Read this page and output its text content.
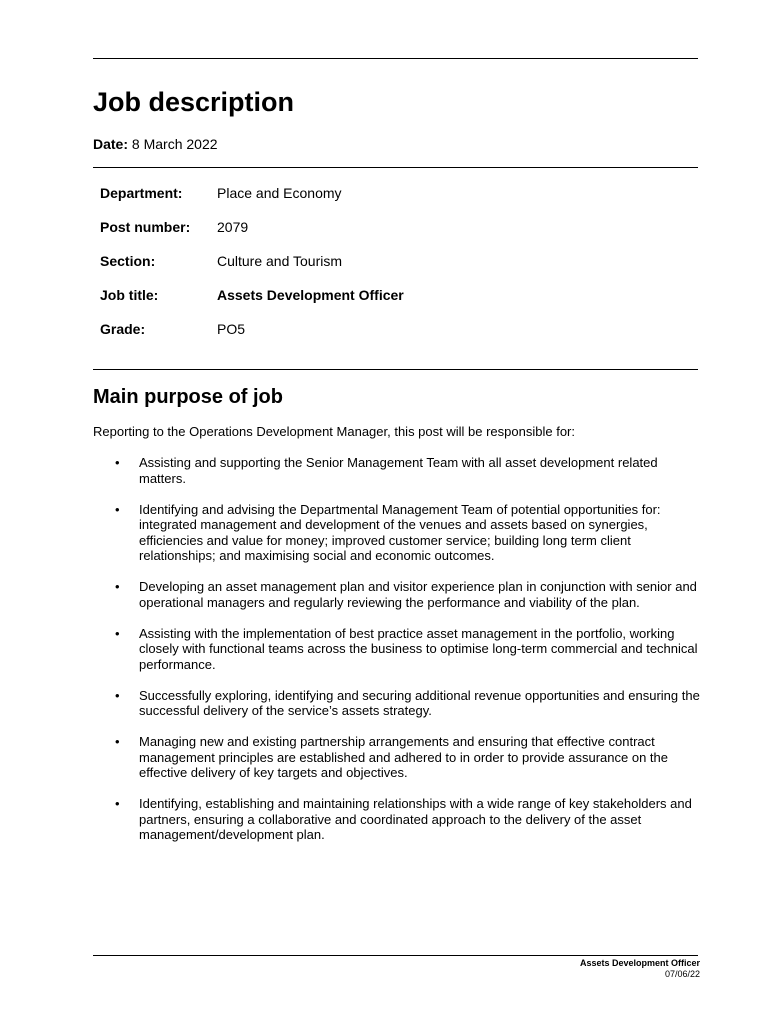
Job description
Date: 8 March 2022
Department:	Place and Economy
Post number:	2079
Section:	Culture and Tourism
Job title:	Assets Development Officer
Grade:	PO5
Main purpose of job
Reporting to the Operations Development Manager, this post will be responsible for:
• Assisting and supporting the Senior Management Team with all asset development related matters.
• Identifying and advising the Departmental Management Team of potential opportunities for: integrated management and development of the venues and assets based on synergies, efficiencies and value for money; improved customer service; building long term client relationships; and maximising social and economic outcomes.
• Developing an asset management plan and visitor experience plan in conjunction with senior and operational managers and regularly reviewing the performance and viability of the plan.
• Assisting with the implementation of best practice asset management in the portfolio, working closely with functional teams across the business to optimise long-term commercial and technical performance.
• Successfully exploring, identifying and securing additional revenue opportunities and ensuring the successful delivery of the service’s assets strategy.
• Managing new and existing partnership arrangements and ensuring that effective contract management principles are established and adhered to in order to provide assurance on the effective delivery of key targets and objectives.
• Identifying, establishing and maintaining relationships with a wide range of key stakeholders and partners, ensuring a collaborative and coordinated approach to the delivery of the asset management/development plan.
Assets Development Officer
07/06/22
